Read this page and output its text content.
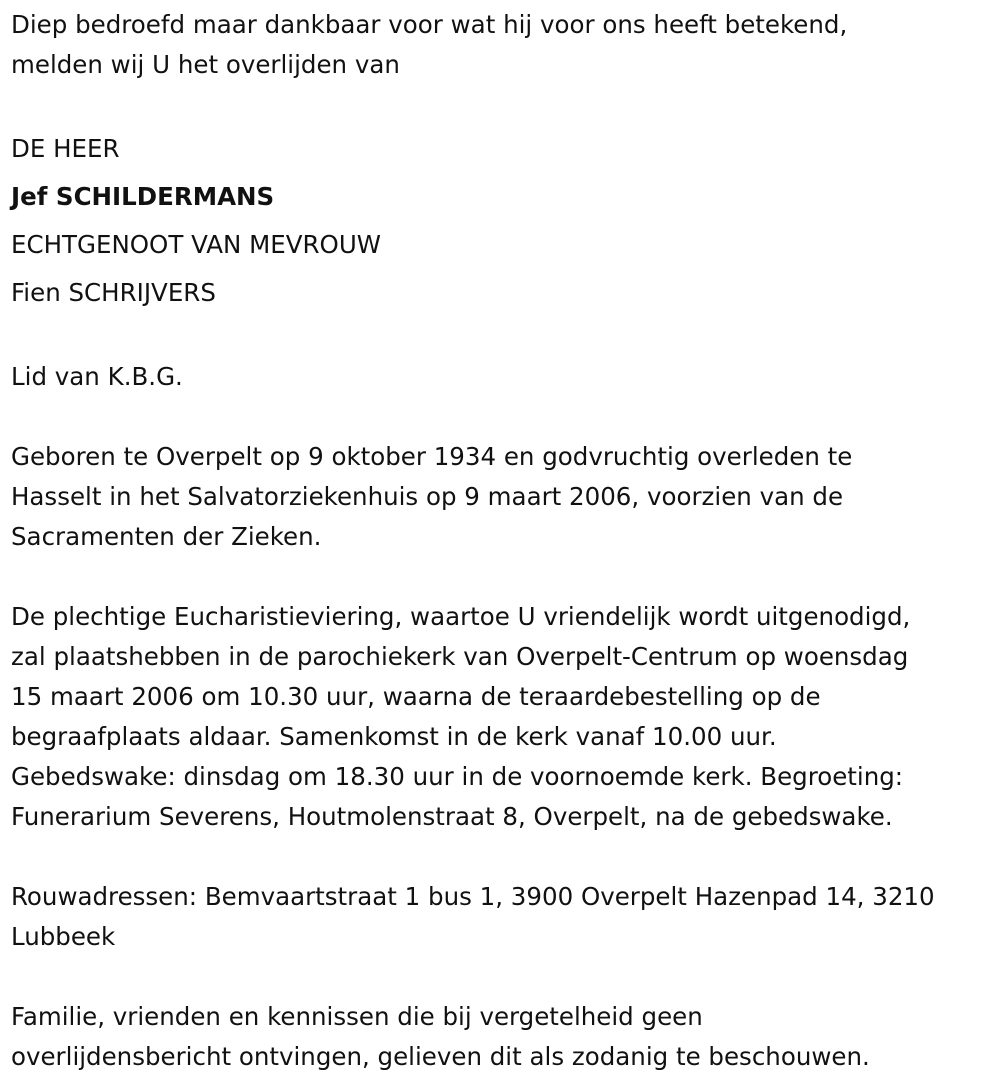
Diep bedroefd maar dankbaar voor wat hij voor ons heeft betekend,
melden wij U het overlijden van

DE HEER
Jef SCHILDERMANS
ECHTGENOOT VAN MEVROUW
Fien SCHRIJVERS

Lid van K.B.G.

Geboren te Overpelt op 9 oktober 1934 en godvruchtig overleden te
Hasselt in het Salvatorziekenhuis op 9 maart 2006, voorzien van de
Sacramenten der Zieken.

De plechtige Eucharistieviering, waartoe U vriendelijk wordt uitgenodigd,
zal plaatshebben in de parochiekerk van Overpelt-Centrum op woensdag
15 maart 2006 om 10.30 uur, waarna de teraardebestelling op de
begraafplaats aldaar. Samenkomst in de kerk vanaf 10.00 uur.
Gebedswake: dinsdag om 18.30 uur in de voornoemde kerk. Begroeting:
Funerarium Severens, Houtmolenstraat 8, Overpelt, na de gebedswake.

Rouwadressen: Bemvaartstraat 1 bus 1, 3900 Overpelt Hazenpad 14, 3210
Lubbeek

Familie, vrienden en kennissen die bij vergetelheid geen
overlijdensbericht ontvingen, gelieven dit als zodanig te beschouwen.
